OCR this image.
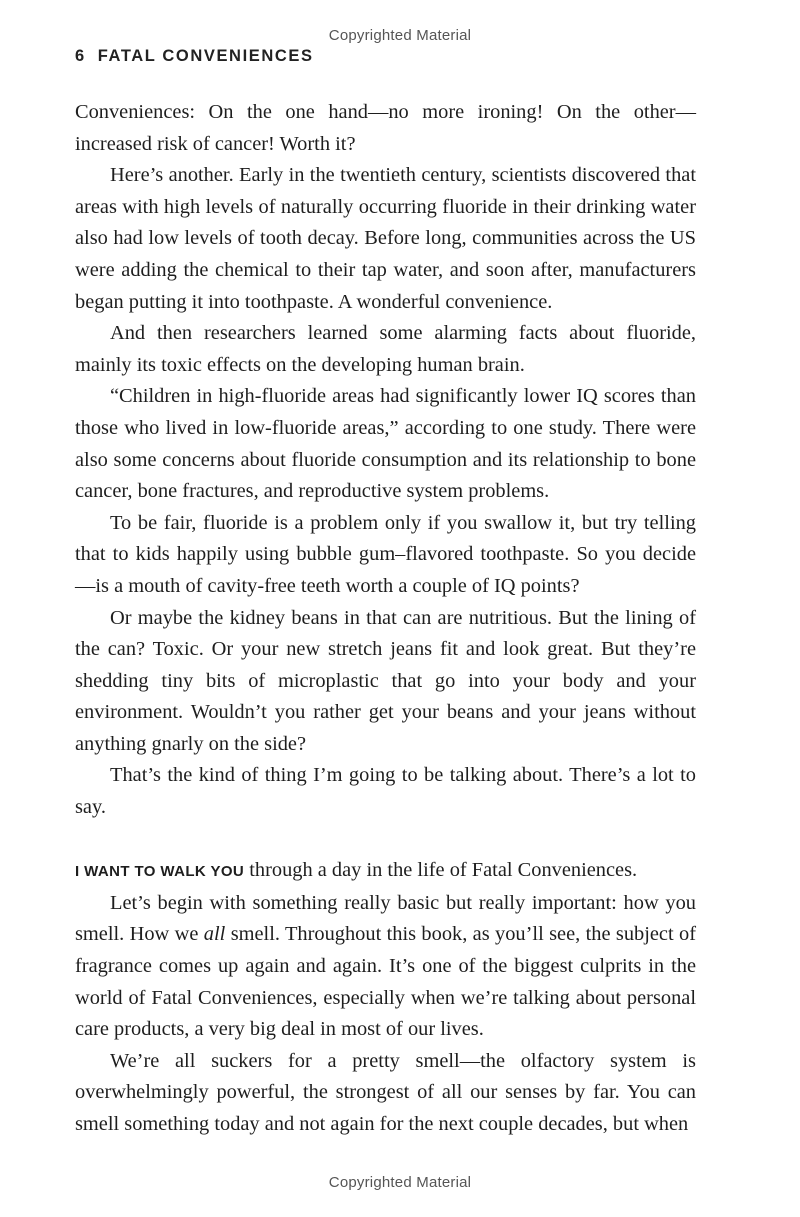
Copyrighted Material
6 FATAL CONVENIENCES

Conveniences: On the one hand—no more ironing! On the other—increased risk of cancer! Worth it?

Here’s another. Early in the twentieth century, scientists discovered that areas with high levels of naturally occurring fluoride in their drinking water also had low levels of tooth decay. Before long, communities across the US were adding the chemical to their tap water, and soon after, manufacturers began putting it into toothpaste. A wonderful convenience.

And then researchers learned some alarming facts about fluoride, mainly its toxic effects on the developing human brain.

“Children in high-fluoride areas had significantly lower IQ scores than those who lived in low-fluoride areas,” according to one study. There were also some concerns about fluoride consumption and its relationship to bone cancer, bone fractures, and reproductive system problems.

To be fair, fluoride is a problem only if you swallow it, but try telling that to kids happily using bubble gum–flavored toothpaste. So you decide—is a mouth of cavity-free teeth worth a couple of IQ points?

Or maybe the kidney beans in that can are nutritious. But the lining of the can? Toxic. Or your new stretch jeans fit and look great. But they’re shedding tiny bits of microplastic that go into your body and your environment. Wouldn’t you rather get your beans and your jeans without anything gnarly on the side?

That’s the kind of thing I’m going to be talking about. There’s a lot to say.

I WANT TO WALK YOU through a day in the life of Fatal Conveniences.

Let’s begin with something really basic but really important: how you smell. How we all smell. Throughout this book, as you’ll see, the subject of fragrance comes up again and again. It’s one of the biggest culprits in the world of Fatal Conveniences, especially when we’re talking about personal care products, a very big deal in most of our lives.

We’re all suckers for a pretty smell—the olfactory system is overwhelmingly powerful, the strongest of all our senses by far. You can smell something today and not again for the next couple decades, but when

Copyrighted Material
